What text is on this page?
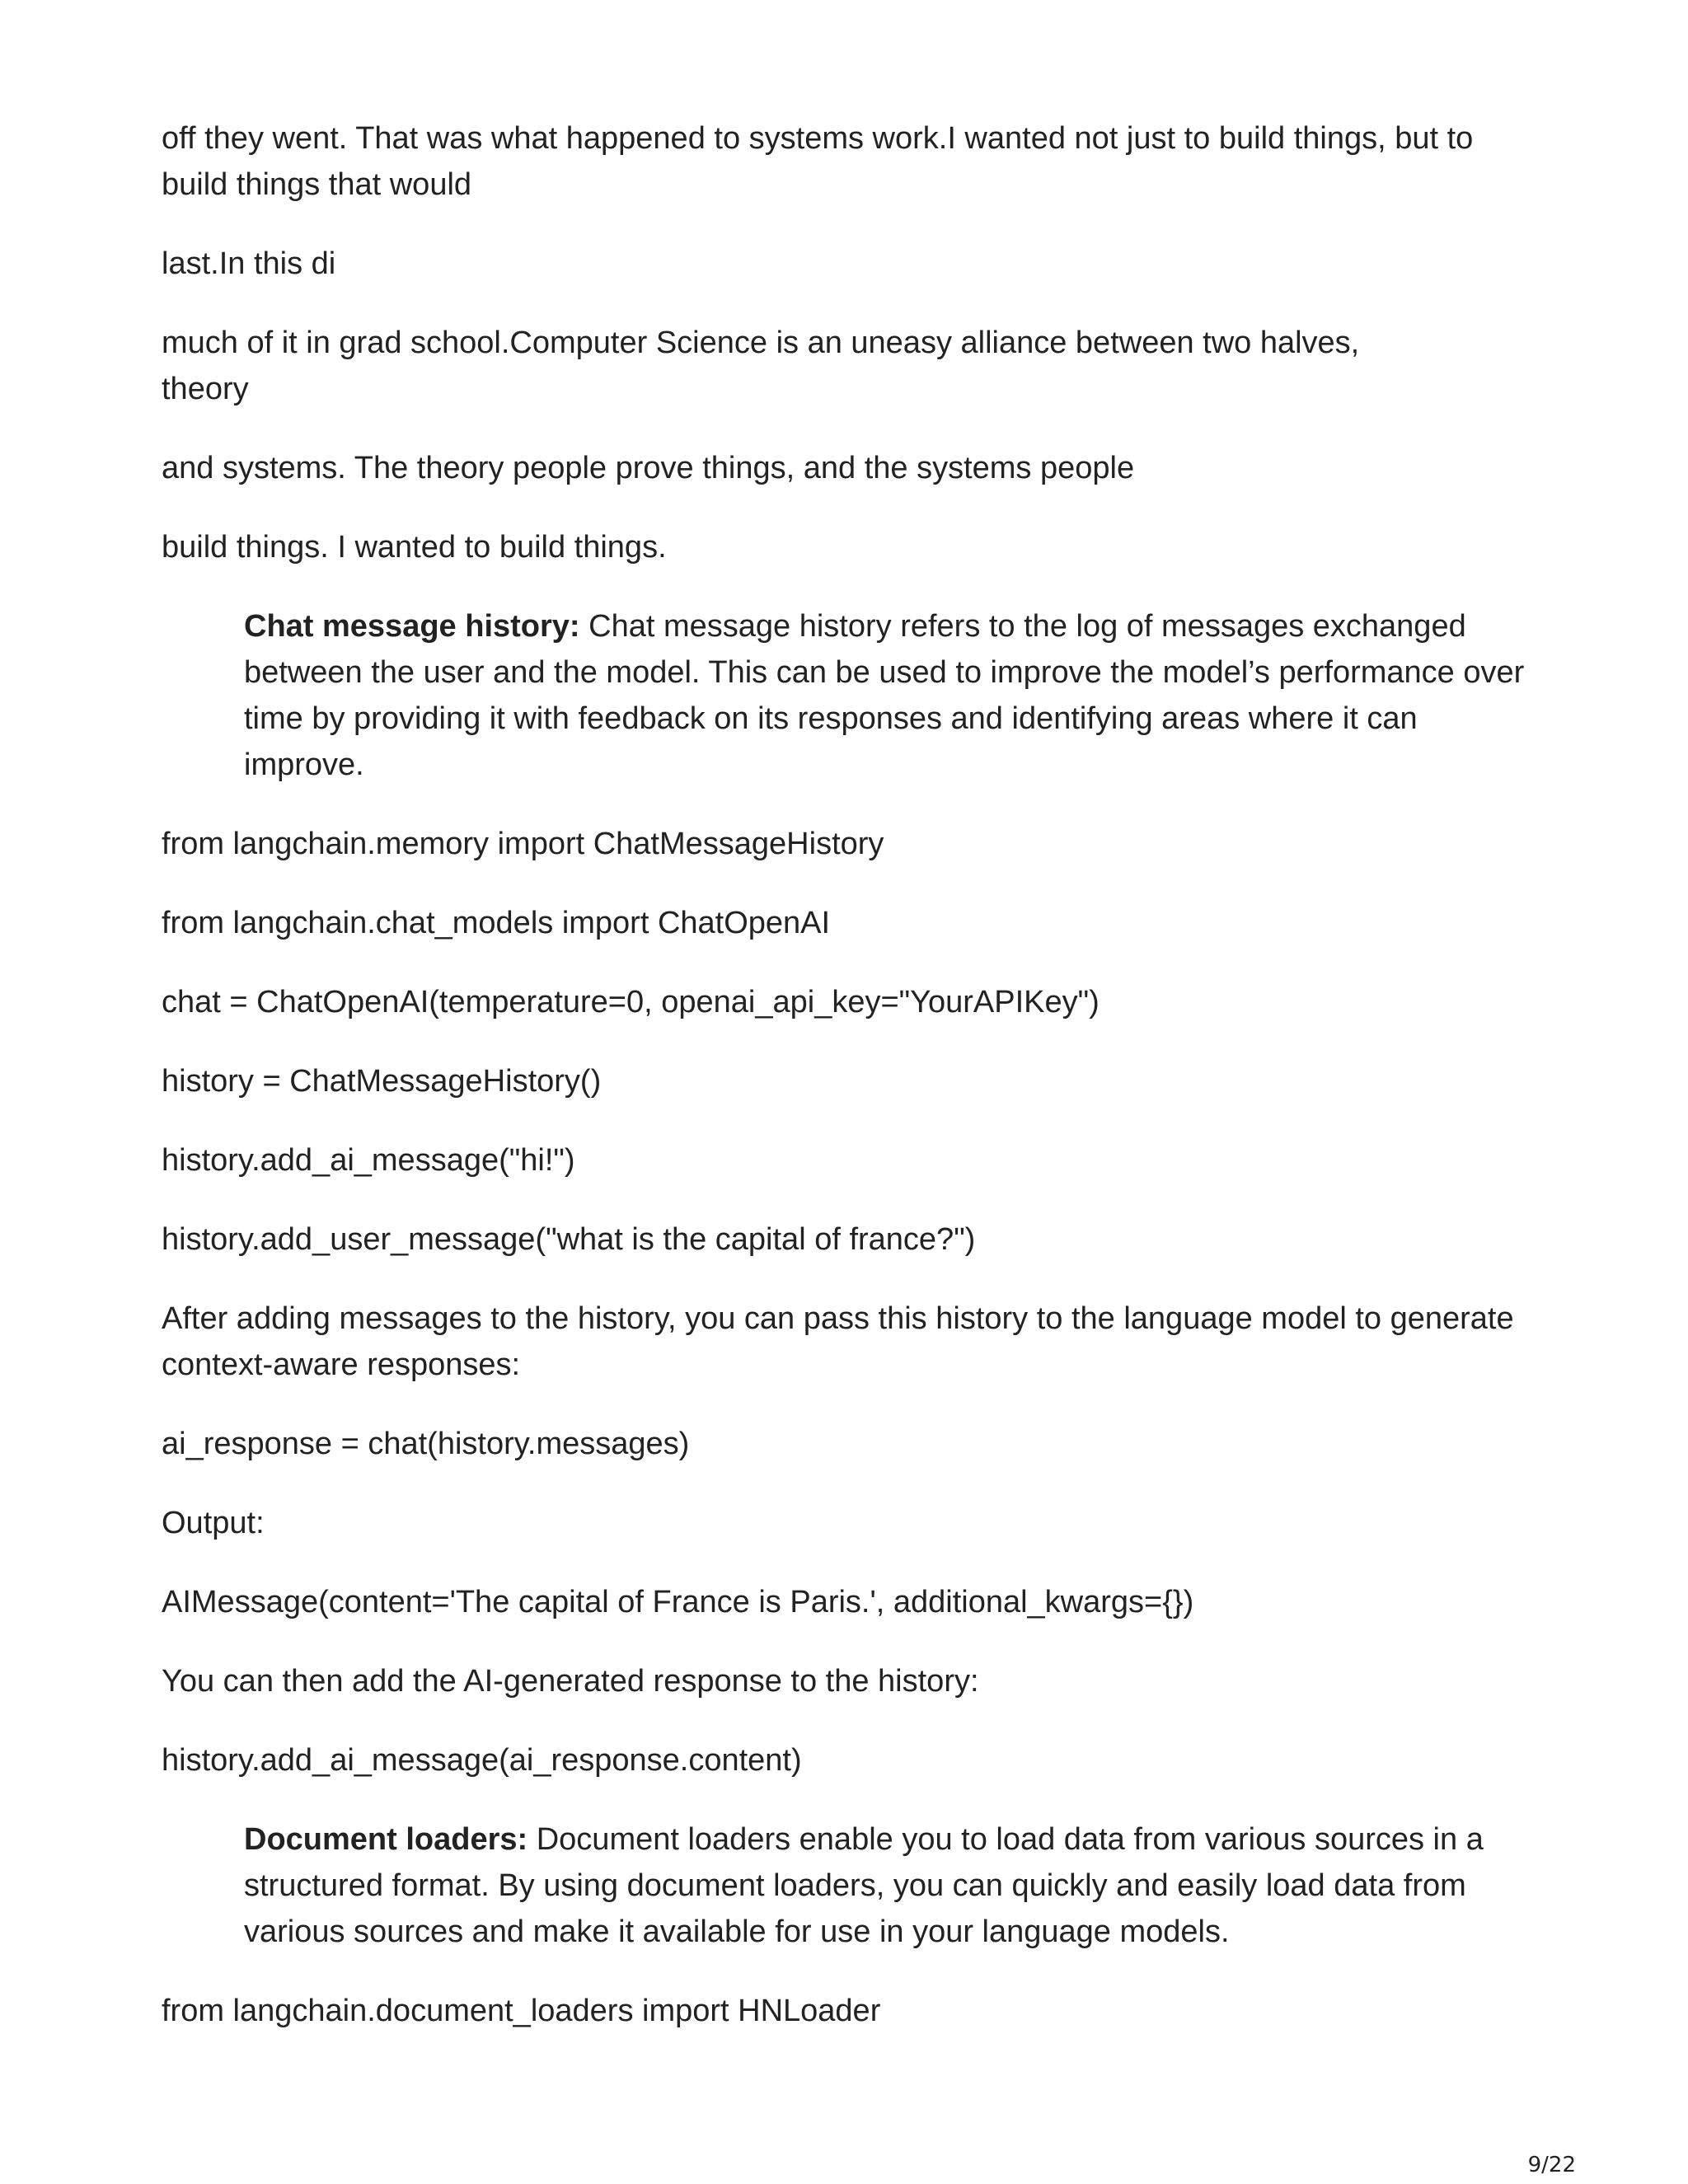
off they went. That was what happened to systems work.I wanted not just to build things, but to build things that would

last.In this di

much of it in grad school.Computer Science is an uneasy alliance between two halves, theory

and systems. The theory people prove things, and the systems people

build things. I wanted to build things.

Chat message history: Chat message history refers to the log of messages exchanged between the user and the model. This can be used to improve the model’s performance over time by providing it with feedback on its responses and identifying areas where it can improve.

from langchain.memory import ChatMessageHistory

from langchain.chat_models import ChatOpenAI

chat = ChatOpenAI(temperature=0, openai_api_key="YourAPIKey")

history = ChatMessageHistory()

history.add_ai_message("hi!")

history.add_user_message("what is the capital of france?")

After adding messages to the history, you can pass this history to the language model to generate context-aware responses:

ai_response = chat(history.messages)

Output:

AIMessage(content='The capital of France is Paris.', additional_kwargs={})

You can then add the AI-generated response to the history:

history.add_ai_message(ai_response.content)

Document loaders: Document loaders enable you to load data from various sources in a structured format. By using document loaders, you can quickly and easily load data from various sources and make it available for use in your language models.

from langchain.document_loaders import HNLoader

9/22
